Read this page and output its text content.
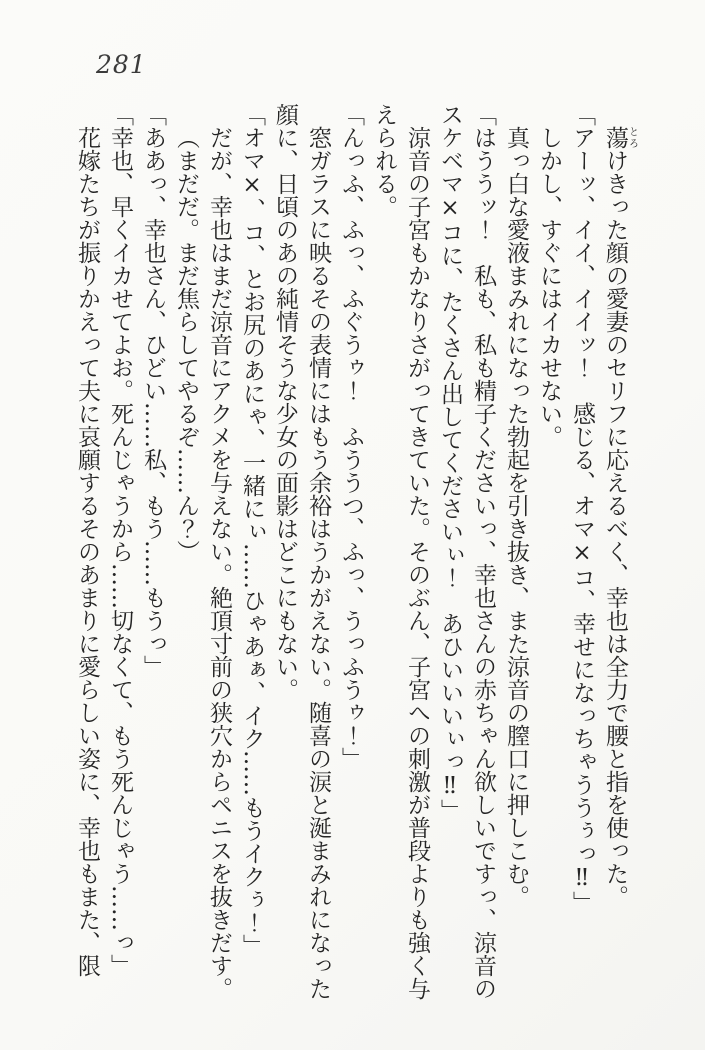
281

蕩とろけきった顔の愛妻のセリフに応えるべく、幸也は全力で腰と指を使った。

「アーッ、イイ、イイッ！　感じる、オマ×コ、幸せになっちゃううぅっ‼」

しかし、すぐにはイカせない。

真っ白な愛液まみれになった勃起を引き抜き、また涼音の膣口に押しこむ。

「はううッ！　私も、私も精子くださいっ、幸也さんの赤ちゃん欲しいですっ、涼音のスケベマ×コに、たくさん出してくださいぃ！　あひいいいぃっ‼」

涼音の子宮もかなりさがってきていた。そのぶん、子宮への刺激が普段よりも強く与えられる。

「んっふ、ふっ、ふぐうゥ！　ふううつ、ふっ、うっふうゥ！」

窓ガラスに映るその表情にはもう余裕はうかがえない。随喜の涙と涎まみれになった顔に、日頃のあの純情そうな少女の面影はどこにもない。

「オマ×、コ、とお尻のあにゃ、一緒にぃ……ひゃあぁ、イク……もうイクぅ！」

だが、幸也はまだ涼音にアクメを与えない。絶頂寸前の狭穴からペニスを抜きだす。

（まだだ。まだ焦らしてやるぞ……ん？）

「ああっ、幸也さん、ひどい……私、もう……もうっ」

「幸也、早くイカせてよお。死んじゃうから……切なくて、もう死んじゃう……っ」

花嫁たちが振りかえって夫に哀願するそのあまりに愛らしい姿に、幸也もまた、限
